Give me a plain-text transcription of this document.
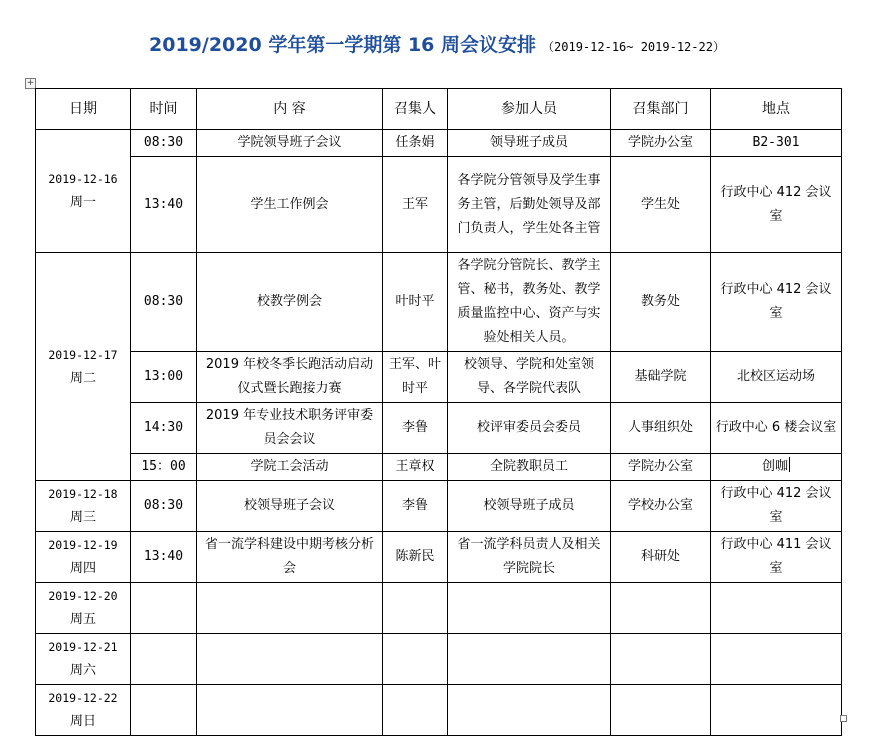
2019/2020 学年第一学期第 16 周会议安排 （2019-12-16~ 2019-12-22）
+
日期	时间	内 容	召集人	参加人员	召集部门	地点

2019-12-16
周一	08:30	学院领导班子会议	任条娟	领导班子成员	学院办公室	B2-301
	13:40	学生工作例会	王军	各学院分管领导及学生事务主管，后勤处领导及部门负责人，学生处各主管	学生处	行政中心 412 会议室

2019-12-17
周二	08:30	校教学例会	叶时平	各学院分管院长、教学主管、秘书，教务处、教学质量监控中心、资产与实验处相关人员。	教务处	行政中心 412 会议室
	13:00	2019 年校冬季长跑活动启动仪式暨长跑接力赛	王军、叶时平	校领导、学院和处室领导、各学院代表队	基础学院	北校区运动场
	14:30	2019 年专业技术职务评审委员会会议	李鲁	校评审委员会委员	人事组织处	行政中心 6 楼会议室
	15：00	学院工会活动	王章权	全院教职员工	学院办公室	创咖

2019-12-18
周三	08:30	校领导班子会议	李鲁	校领导班子成员	学校办公室	行政中心 412 会议室

2019-12-19
周四	13:40	省一流学科建设中期考核分析会	陈新民	省一流学科员责人及相关学院院长	科研处	行政中心 411 会议室

2019-12-20
周五						

2019-12-21
周六						

2019-12-22
周日						
